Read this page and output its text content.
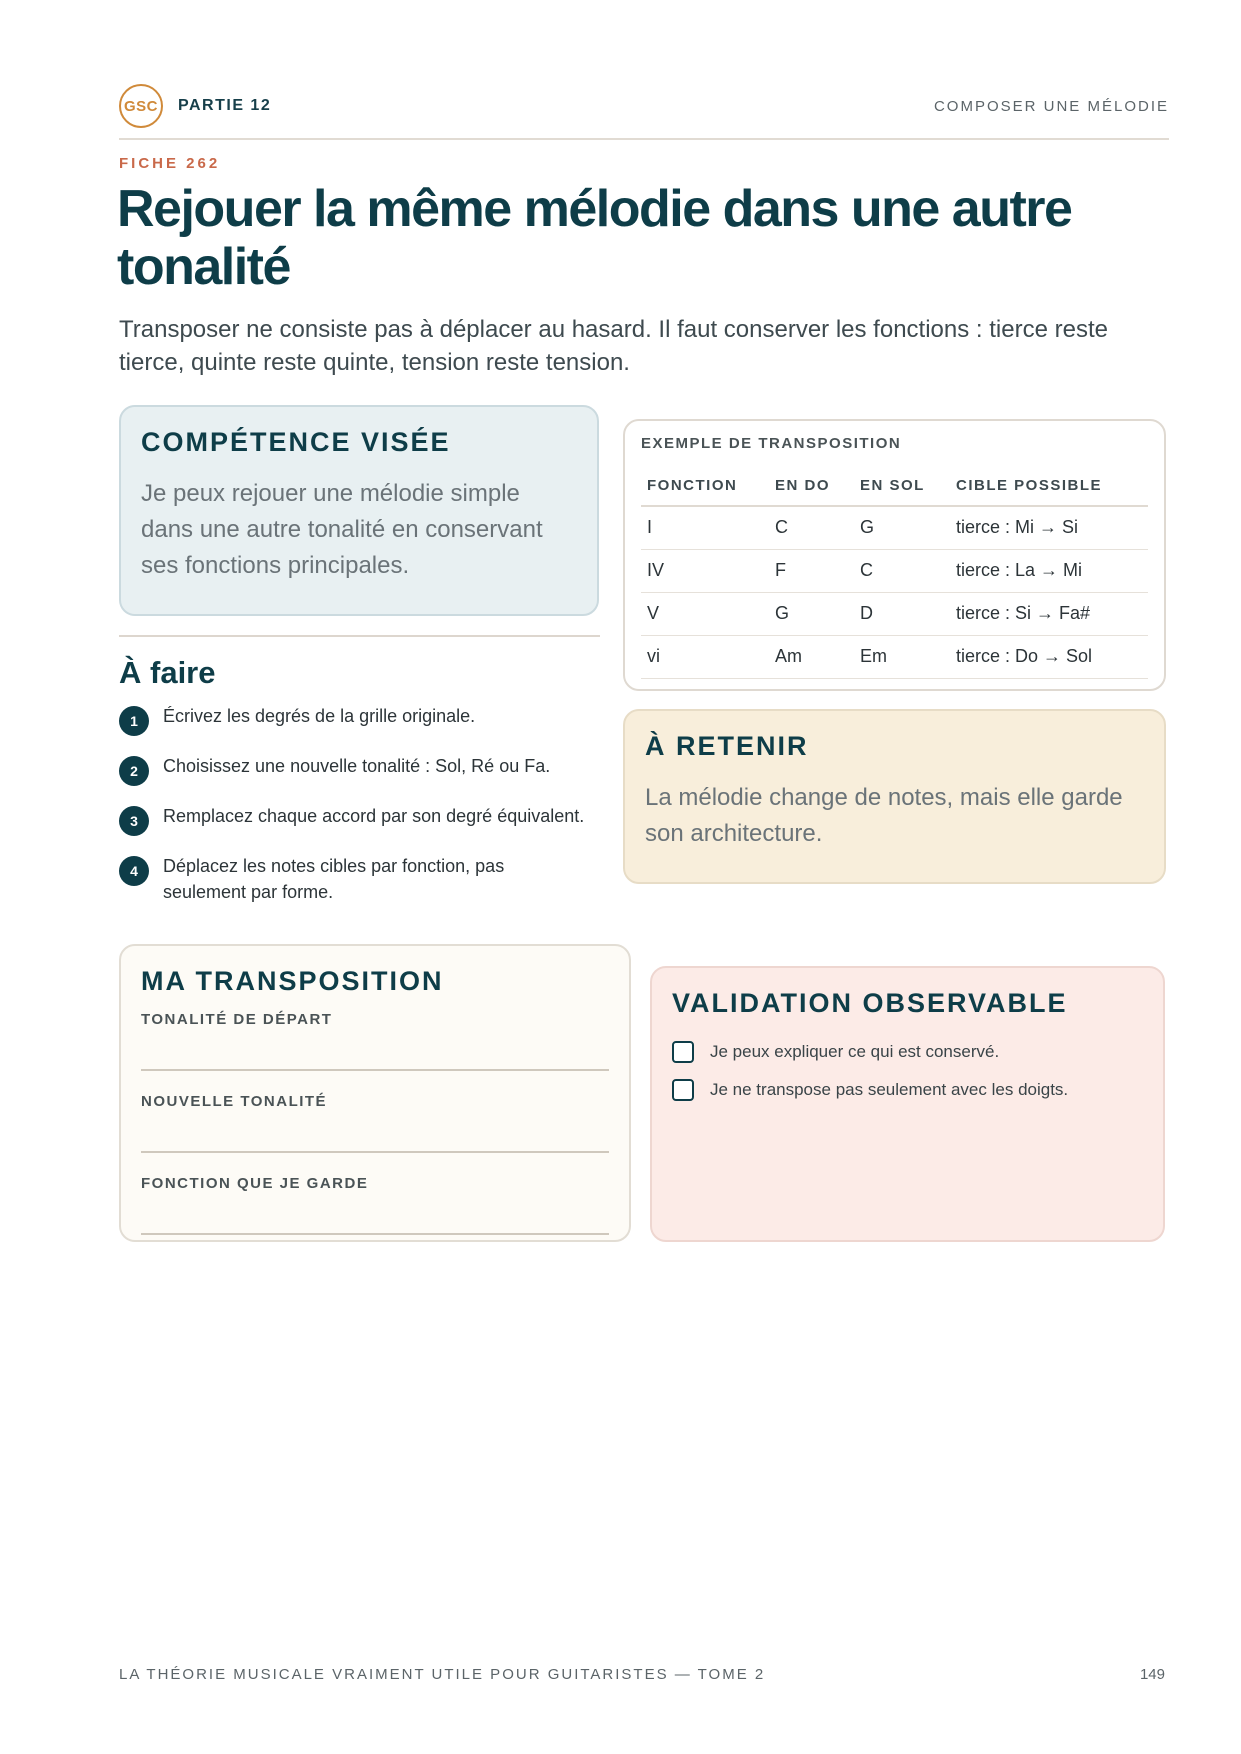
GSC	PARTIE 12	COMPOSER UNE MÉLODIE
FICHE 262
Rejouer la même mélodie dans une autre tonalité

Transposer ne consiste pas à déplacer au hasard. Il faut conserver les fonctions : tierce reste tierce, quinte reste quinte, tension reste tension.

COMPÉTENCE VISÉE
Je peux rejouer une mélodie simple dans une autre tonalité en conservant ses fonctions principales.
À faire
1	Écrivez les degrés de la grille originale.
2	Choisissez une nouvelle tonalité : Sol, Ré ou Fa.
3	Remplacez chaque accord par son degré équivalent.
4	Déplacez les notes cibles par fonction, pas seulement par forme.
EXEMPLE DE TRANSPOSITION
FONCTION	EN DO	EN SOL	CIBLE POSSIBLE
I	C	G	tierce : Mi → Si
IV	F	C	tierce : La → Mi
V	G	D	tierce : Si → Fa#
vi	Am	Em	tierce : Do → Sol
À RETENIR
La mélodie change de notes, mais elle garde son architecture.
MA TRANSPOSITION
TONALITÉ DE DÉPART
NOUVELLE TONALITÉ
FONCTION QUE JE GARDE
VALIDATION OBSERVABLE
Je peux expliquer ce qui est conservé.
Je ne transpose pas seulement avec les doigts.
LA THÉORIE MUSICALE VRAIMENT UTILE POUR GUITARISTES — TOME 2	149
